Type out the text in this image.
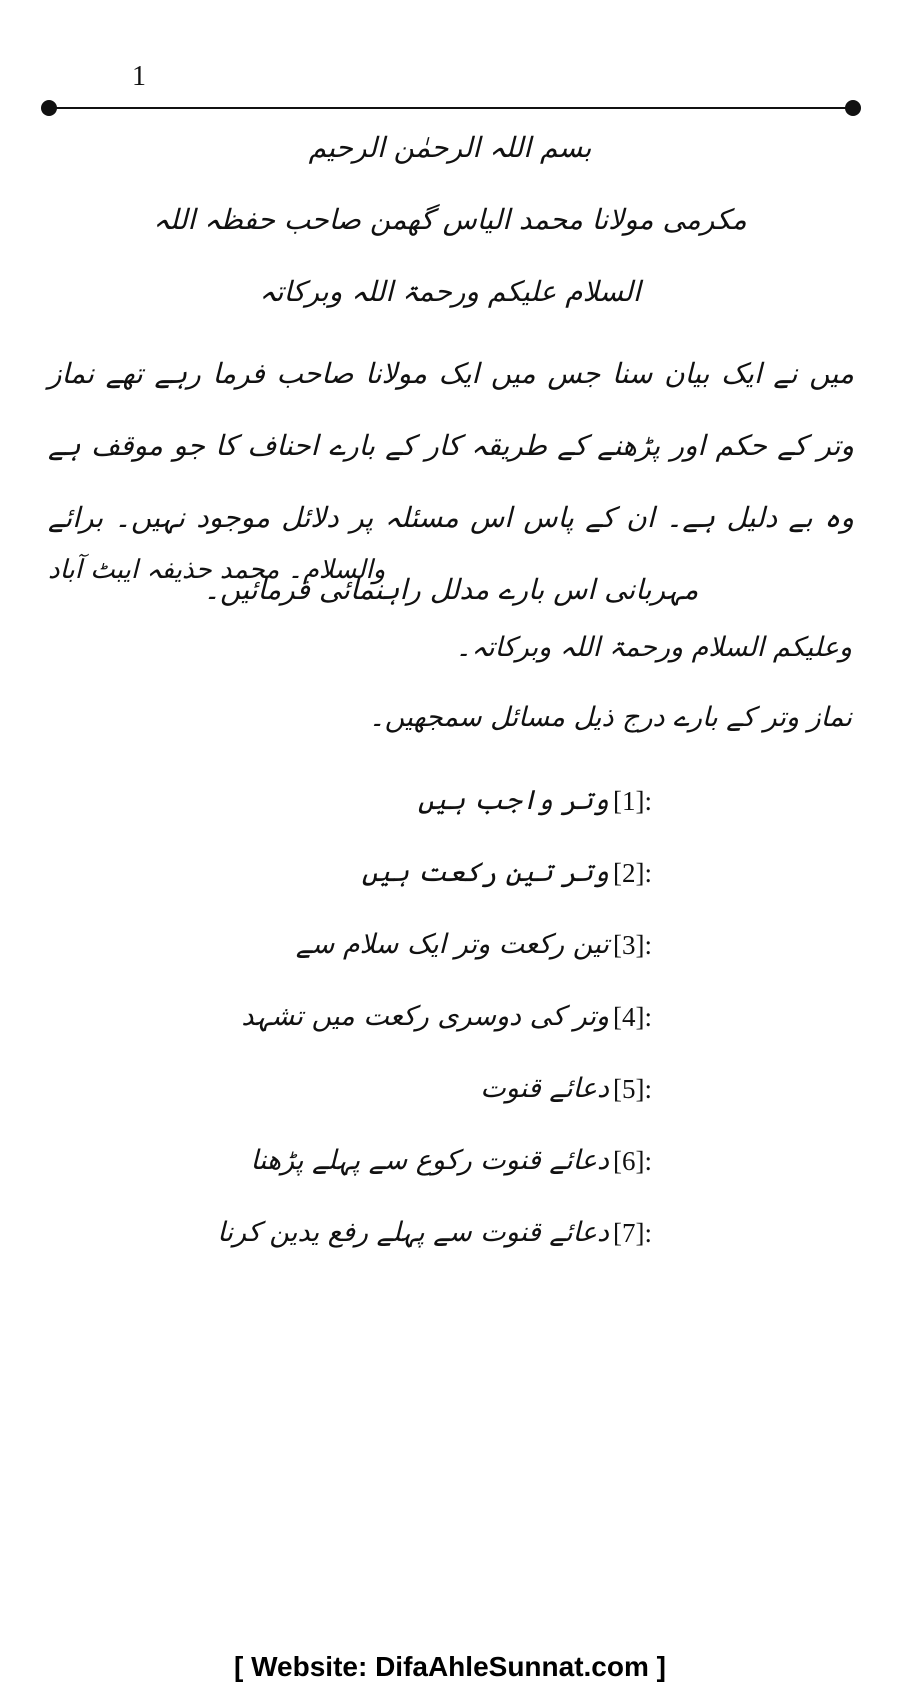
1
بسم اللہ الرحمٰن الرحیم
مکرمی مولانا محمد الیاس گھمن صاحب حفظہ اللہ
السلام علیکم ورحمۃ اللہ وبرکاتہ
میں نے ایک بیان سنا جس میں ایک مولانا صاحب فرما رہے تھے نماز وتر کے حکم اور پڑھنے کے طریقہ کار کے بارے احناف کا جو موقف ہے وہ بے دلیل ہے۔ ان کے پاس اس مسئلہ پر دلائل موجود نہیں۔ برائے مہربانی اس بارے مدلل راہنمائی فرمائیں۔
والسلام۔ محمد حذیفہ ایبٹ آباد
وعلیکم السلام ورحمۃ اللہ وبرکاتہ۔
نماز وتر کے بارے درج ذیل مسائل سمجھیں۔
[1]:
وتر واجب ہیں
[2]:
وتر تین رکعت ہیں
[3]:
تین رکعت وتر ایک سلام سے
[4]:
وتر کی دوسری رکعت میں تشہد
[5]:
دعائے قنوت
[6]:
دعائے قنوت رکوع سے پہلے پڑھنا
[7]:
دعائے قنوت سے پہلے رفع یدین کرنا
[ Website: DifaAhleSunnat.com ]
